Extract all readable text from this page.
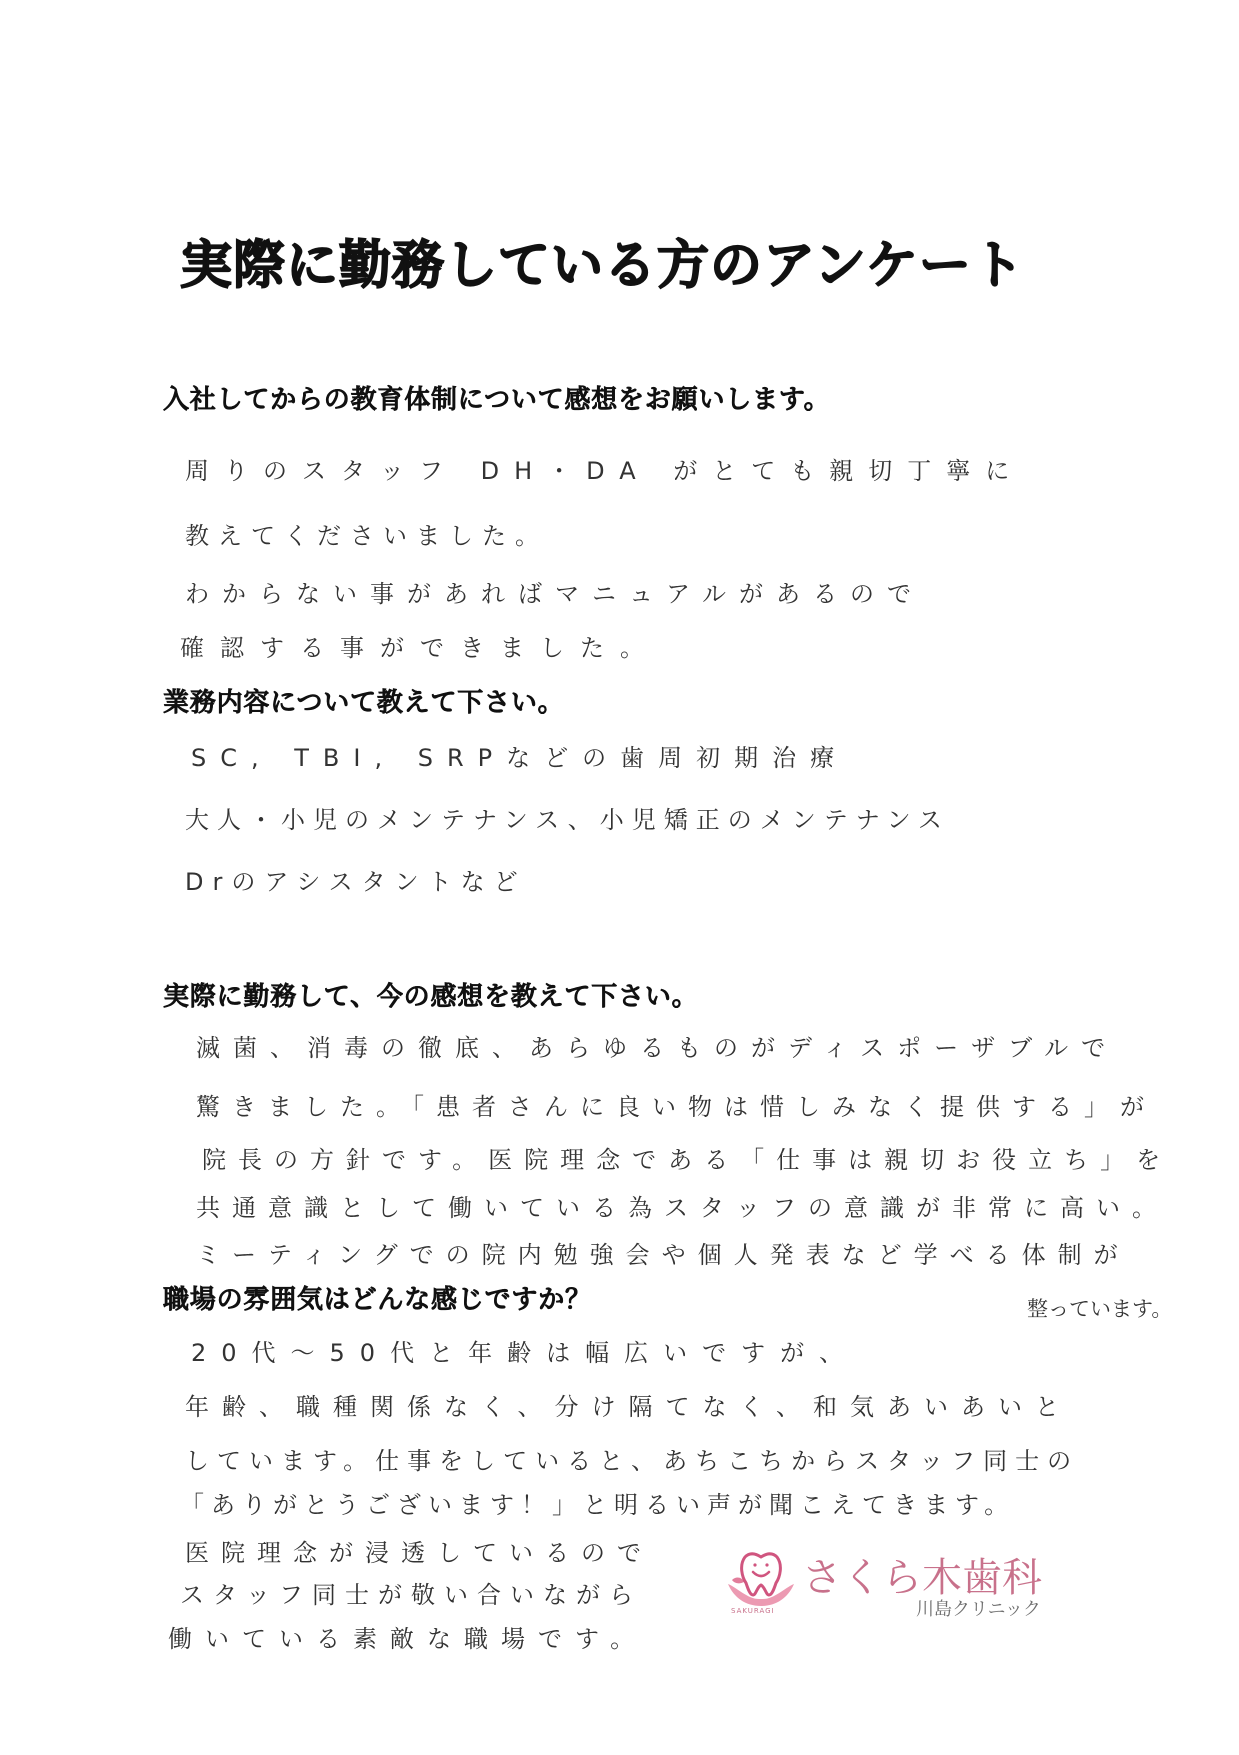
実際に勤務している方のアンケート
入社してからの教育体制について感想をお願いします。
周りのスタッフ DH・DA がとても親切丁寧に
教えてくださいました。
わからない事があればマニュアルがあるので
確認する事ができました。
業務内容について教えて下さい。
SC, TBI, SRPなどの歯周初期治療
大人・小児のメンテナンス、小児矯正のメンテナンス
Drのアシスタントなど
実際に勤務して、今の感想を教えて下さい。
滅菌、消毒の徹底、あらゆるものがディスポーザブルで
驚きました。「患者さんに良い物は惜しみなく提供する」が
院長の方針です。医院理念である「仕事は親切お役立ち」を
共通意識として働いている為スタッフの意識が非常に高い。
ミーティングでの院内勉強会や個人発表など学べる体制が
整っています。
職場の雰囲気はどんな感じですか？
20代～50代と年齢は幅広いですが、
年齢、職種関係なく、分け隔てなく、和気あいあいと
しています。仕事をしていると、あちこちからスタッフ同士の
「ありがとうございます！」と明るい声が聞こえてきます。
医院理念が浸透しているので
スタッフ同士が敬い合いながら
働いている素敵な職場です。
SAKURAGI
さくら木歯科
川島クリニック
